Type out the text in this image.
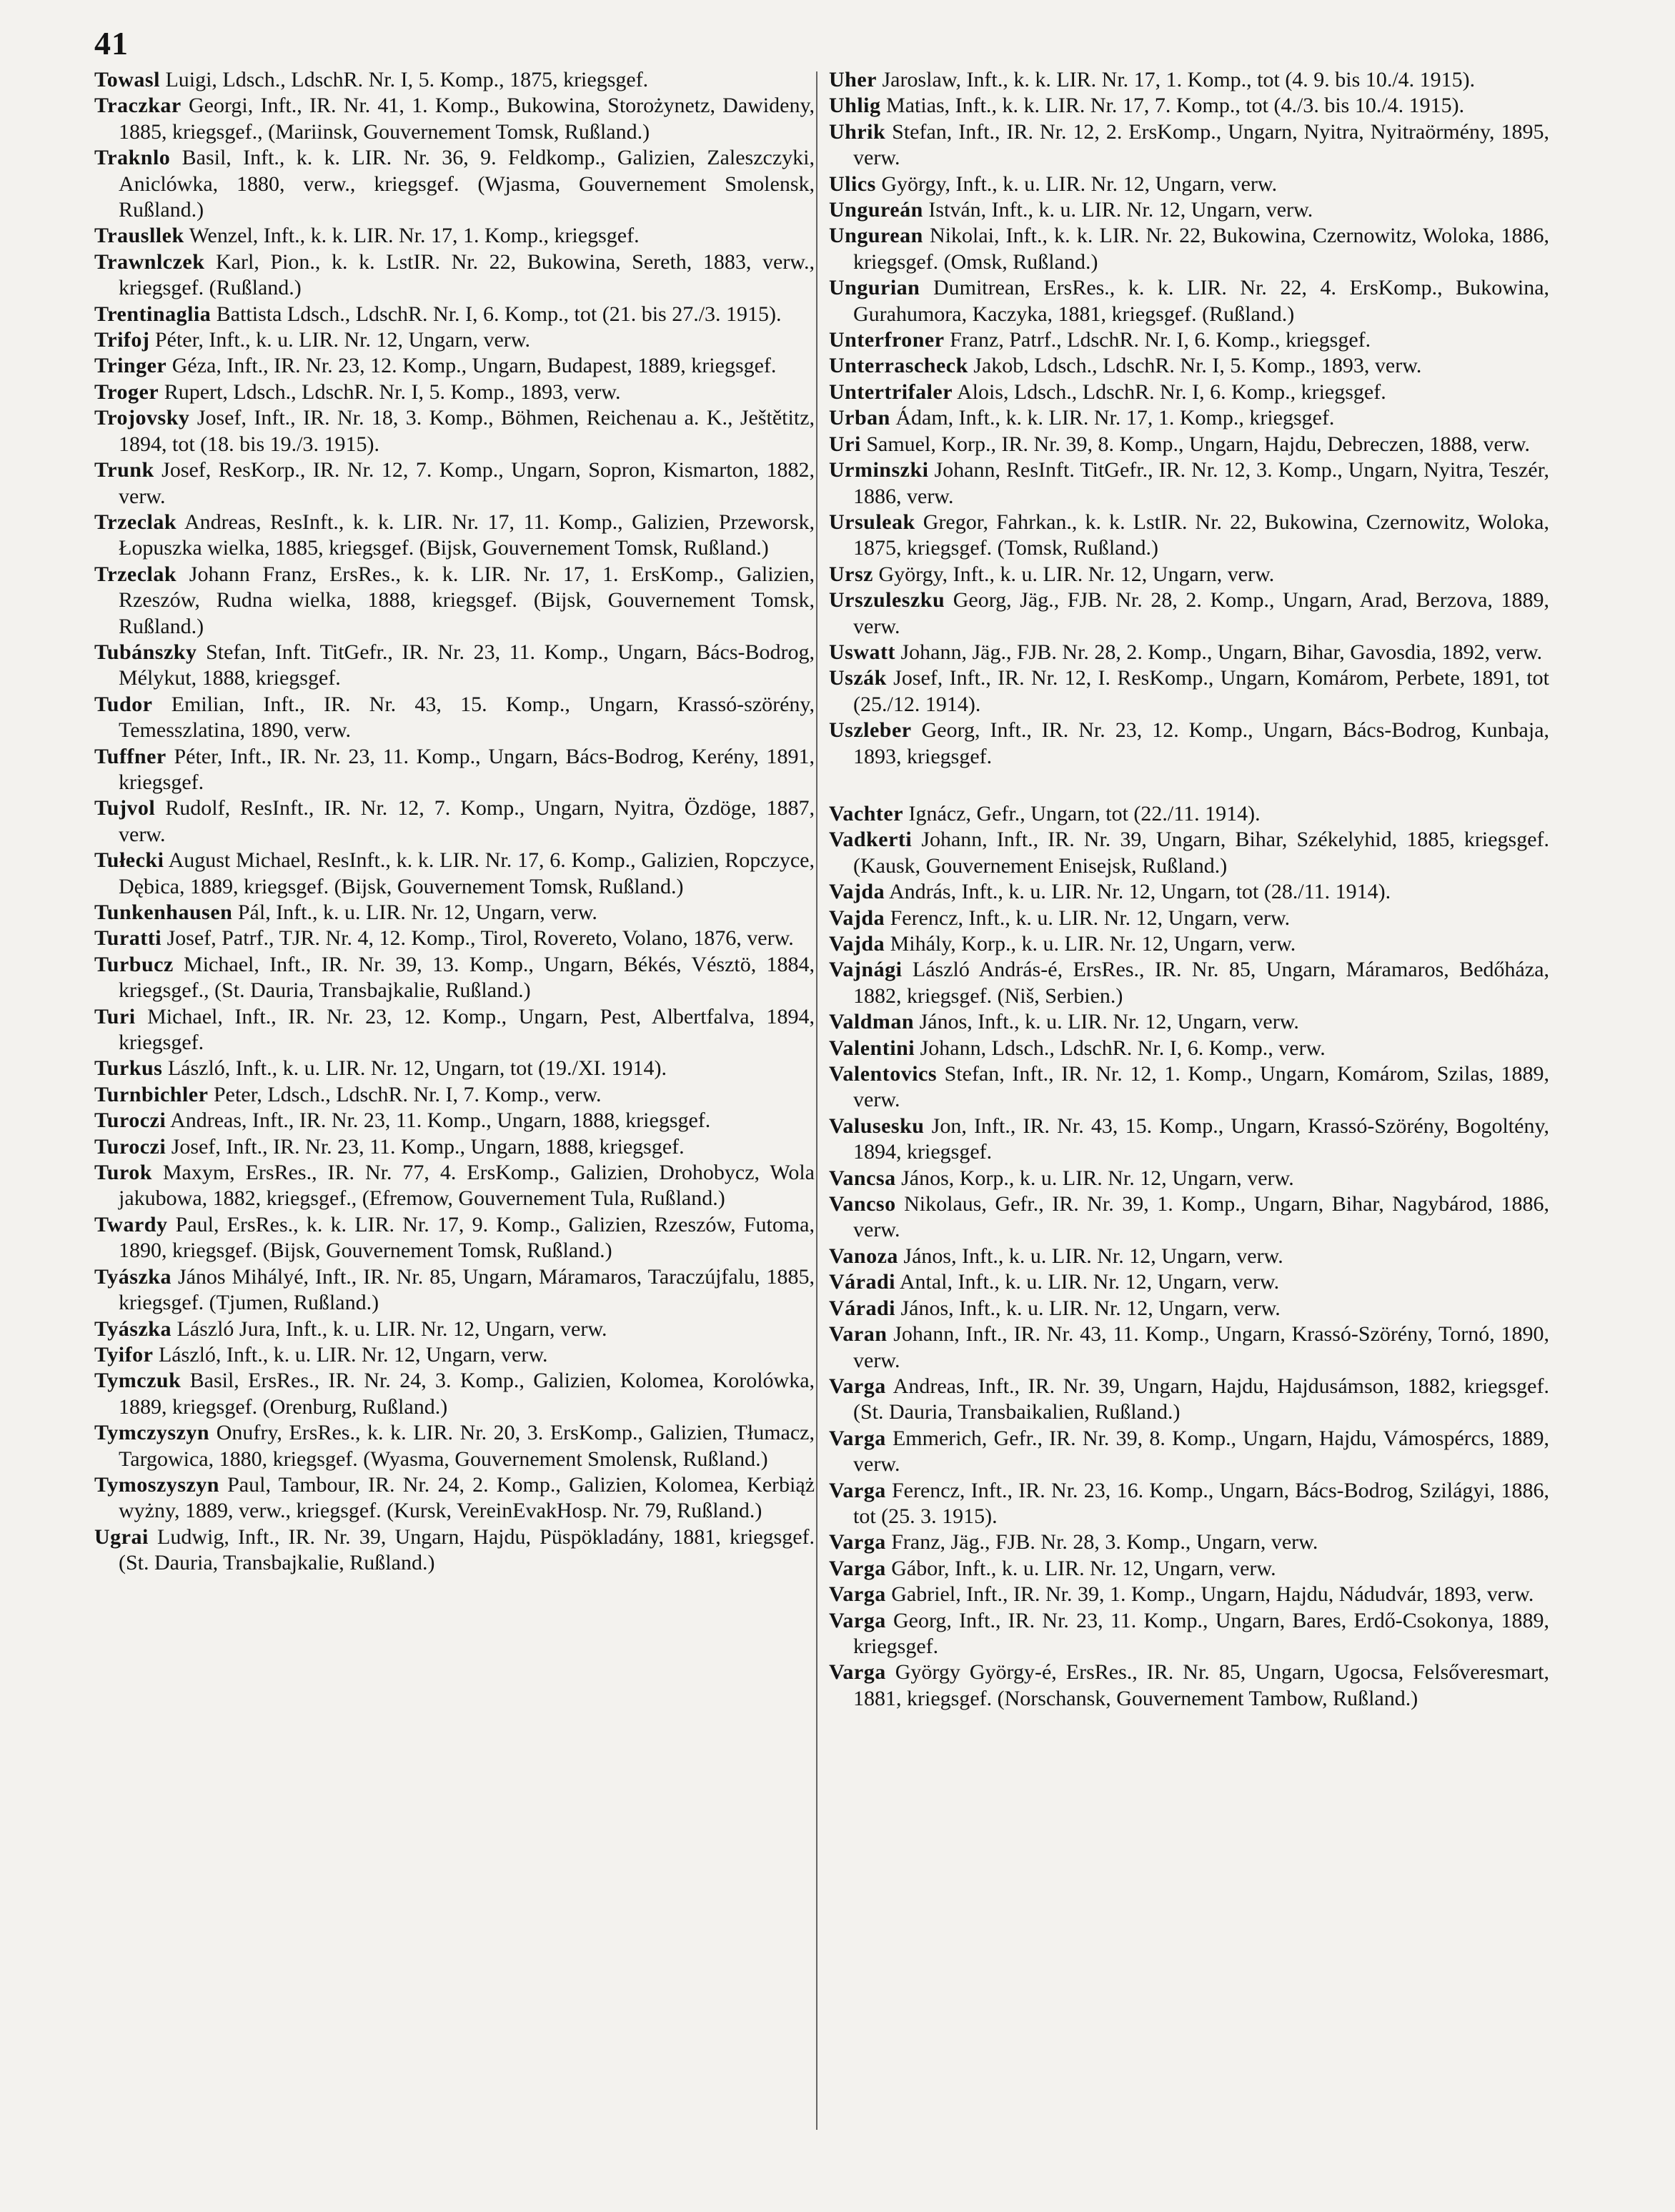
41
Towasl Luigi, Ldsch., LdschR. Nr. I, 5. Komp., 1875, kriegsgef.
Traczkar Georgi, Inft., IR. Nr. 41, 1. Komp., Bukowina, Storożynetz, Dawideny, 1885, kriegsgef., (Mariinsk, Gouvernement Tomsk, Rußland.)
Traknlo Basil, Inft., k. k. LIR. Nr. 36, 9. Feldkomp., Galizien, Zaleszczyki, Aniclówka, 1880, verw., kriegsgef. (Wjasma, Gouvernement Smolensk, Rußland.)
Trausllek Wenzel, Inft., k. k. LIR. Nr. 17, 1. Komp., kriegsgef.
Trawnlczek Karl, Pion., k. k. LstIR. Nr. 22, Bukowina, Sereth, 1883, verw., kriegsgef. (Rußland.)
Trentinaglia Battista Ldsch., LdschR. Nr. I, 6. Komp., tot (21. bis 27./3. 1915).
Trifoj Péter, Inft., k. u. LIR. Nr. 12, Ungarn, verw.
Tringer Géza, Inft., IR. Nr. 23, 12. Komp., Ungarn, Budapest, 1889, kriegsgef.
Troger Rupert, Ldsch., LdschR. Nr. I, 5. Komp., 1893, verw.
Trojovsky Josef, Inft., IR. Nr. 18, 3. Komp., Böhmen, Reichenau a. K., Ještětitz, 1894, tot (18. bis 19./3. 1915).
Trunk Josef, ResKorp., IR. Nr. 12, 7. Komp., Ungarn, Sopron, Kismarton, 1882, verw.
Trzeclak Andreas, ResInft., k. k. LIR. Nr. 17, 11. Komp., Galizien, Przeworsk, Łopuszka wielka, 1885, kriegsgef. (Bijsk, Gouvernement Tomsk, Rußland.)
Trzeclak Johann Franz, ErsRes., k. k. LIR. Nr. 17, 1. ErsKomp., Galizien, Rzeszów, Rudna wielka, 1888, kriegsgef. (Bijsk, Gouvernement Tomsk, Rußland.)
Tubánszky Stefan, Inft. TitGefr., IR. Nr. 23, 11. Komp., Ungarn, Bács-Bodrog, Mélykut, 1888, kriegsgef.
Tudor Emilian, Inft., IR. Nr. 43, 15. Komp., Ungarn, Krassó-szörény, Temesszlatina, 1890, verw.
Tuffner Péter, Inft., IR. Nr. 23, 11. Komp., Ungarn, Bács-Bodrog, Kerény, 1891, kriegsgef.
Tujvol Rudolf, ResInft., IR. Nr. 12, 7. Komp., Ungarn, Nyitra, Özdöge, 1887, verw.
Tułecki August Michael, ResInft., k. k. LIR. Nr. 17, 6. Komp., Galizien, Ropczyce, Dębica, 1889, kriegsgef. (Bijsk, Gouvernement Tomsk, Rußland.)
Tunkenhausen Pál, Inft., k. u. LIR. Nr. 12, Ungarn, verw.
Turatti Josef, Patrf., TJR. Nr. 4, 12. Komp., Tirol, Rovereto, Volano, 1876, verw.
Turbucz Michael, Inft., IR. Nr. 39, 13. Komp., Ungarn, Békés, Vésztö, 1884, kriegsgef., (St. Dauria, Transbajkalie, Rußland.)
Turi Michael, Inft., IR. Nr. 23, 12. Komp., Ungarn, Pest, Albertfalva, 1894, kriegsgef.
Turkus László, Inft., k. u. LIR. Nr. 12, Ungarn, tot (19./XI. 1914).
Turnbichler Peter, Ldsch., LdschR. Nr. I, 7. Komp., verw.
Turoczi Andreas, Inft., IR. Nr. 23, 11. Komp., Ungarn, 1888, kriegsgef.
Turoczi Josef, Inft., IR. Nr. 23, 11. Komp., Ungarn, 1888, kriegsgef.
Turok Maxym, ErsRes., IR. Nr. 77, 4. ErsKomp., Galizien, Drohobycz, Wola jakubowa, 1882, kriegsgef., (Efremow, Gouvernement Tula, Rußland.)
Twardy Paul, ErsRes., k. k. LIR. Nr. 17, 9. Komp., Galizien, Rzeszów, Futoma, 1890, kriegsgef. (Bijsk, Gouvernement Tomsk, Rußland.)
Tyászka János Mihályé, Inft., IR. Nr. 85, Ungarn, Máramaros, Taraczújfalu, 1885, kriegsgef. (Tjumen, Rußland.)
Tyászka László Jura, Inft., k. u. LIR. Nr. 12, Ungarn, verw.
Tyifor László, Inft., k. u. LIR. Nr. 12, Ungarn, verw.
Tymczuk Basil, ErsRes., IR. Nr. 24, 3. Komp., Galizien, Kolomea, Korolówka, 1889, kriegsgef. (Orenburg, Rußland.)
Tymczyszyn Onufry, ErsRes., k. k. LIR. Nr. 20, 3. ErsKomp., Galizien, Tłumacz, Targowica, 1880, kriegsgef. (Wyasma, Gouvernement Smolensk, Rußland.)
Tymoszyszyn Paul, Tambour, IR. Nr. 24, 2. Komp., Galizien, Kolomea, Kerbiąż wyżny, 1889, verw., kriegsgef. (Kursk, VereinEvakHosp. Nr. 79, Rußland.)
Ugrai Ludwig, Inft., IR. Nr. 39, Ungarn, Hajdu, Püspökladány, 1881, kriegsgef. (St. Dauria, Transbajkalie, Rußland.)
Uher Jaroslaw, Inft., k. k. LIR. Nr. 17, 1. Komp., tot (4. 9. bis 10./4. 1915).
Uhlig Matias, Inft., k. k. LIR. Nr. 17, 7. Komp., tot (4./3. bis 10./4. 1915).
Uhrik Stefan, Inft., IR. Nr. 12, 2. ErsKomp., Ungarn, Nyitra, Nyitraörmény, 1895, verw.
Ulics György, Inft., k. u. LIR. Nr. 12, Ungarn, verw.
Ungureán István, Inft., k. u. LIR. Nr. 12, Ungarn, verw.
Ungurean Nikolai, Inft., k. k. LIR. Nr. 22, Bukowina, Czernowitz, Woloka, 1886, kriegsgef. (Omsk, Rußland.)
Ungurian Dumitrean, ErsRes., k. k. LIR. Nr. 22, 4. ErsKomp., Bukowina, Gurahumora, Kaczyka, 1881, kriegsgef. (Rußland.)
Unterfroner Franz, Patrf., LdschR. Nr. I, 6. Komp., kriegsgef.
Unterrascheck Jakob, Ldsch., LdschR. Nr. I, 5. Komp., 1893, verw.
Untertrifaler Alois, Ldsch., LdschR. Nr. I, 6. Komp., kriegsgef.
Urban Ádam, Inft., k. k. LIR. Nr. 17, 1. Komp., kriegsgef.
Uri Samuel, Korp., IR. Nr. 39, 8. Komp., Ungarn, Hajdu, Debreczen, 1888, verw.
Urminszki Johann, ResInft. TitGefr., IR. Nr. 12, 3. Komp., Ungarn, Nyitra, Teszér, 1886, verw.
Ursuleak Gregor, Fahrkan., k. k. LstIR. Nr. 22, Bukowina, Czernowitz, Woloka, 1875, kriegsgef. (Tomsk, Rußland.)
Ursz György, Inft., k. u. LIR. Nr. 12, Ungarn, verw.
Urszuleszku Georg, Jäg., FJB. Nr. 28, 2. Komp., Ungarn, Arad, Berzova, 1889, verw.
Uswatt Johann, Jäg., FJB. Nr. 28, 2. Komp., Ungarn, Bihar, Gavosdia, 1892, verw.
Uszák Josef, Inft., IR. Nr. 12, I. ResKomp., Ungarn, Komárom, Perbete, 1891, tot (25./12. 1914).
Uszleber Georg, Inft., IR. Nr. 23, 12. Komp., Ungarn, Bács-Bodrog, Kunbaja, 1893, kriegsgef.
Vachter Ignácz, Gefr., Ungarn, tot (22./11. 1914).
Vadkerti Johann, Inft., IR. Nr. 39, Ungarn, Bihar, Székelyhid, 1885, kriegsgef. (Kausk, Gouvernement Enisejsk, Rußland.)
Vajda András, Inft., k. u. LIR. Nr. 12, Ungarn, tot (28./11. 1914).
Vajda Ferencz, Inft., k. u. LIR. Nr. 12, Ungarn, verw.
Vajda Mihály, Korp., k. u. LIR. Nr. 12, Ungarn, verw.
Vajnági László András-é, ErsRes., IR. Nr. 85, Ungarn, Máramaros, Bedőháza, 1882, kriegsgef. (Niš, Serbien.)
Valdman János, Inft., k. u. LIR. Nr. 12, Ungarn, verw.
Valentini Johann, Ldsch., LdschR. Nr. I, 6. Komp., verw.
Valentovics Stefan, Inft., IR. Nr. 12, 1. Komp., Ungarn, Komárom, Szilas, 1889, verw.
Valusesku Jon, Inft., IR. Nr. 43, 15. Komp., Ungarn, Krassó-Szörény, Bogoltény, 1894, kriegsgef.
Vancsa János, Korp., k. u. LIR. Nr. 12, Ungarn, verw.
Vancso Nikolaus, Gefr., IR. Nr. 39, 1. Komp., Ungarn, Bihar, Nagybárod, 1886, verw.
Vanoza János, Inft., k. u. LIR. Nr. 12, Ungarn, verw.
Váradi Antal, Inft., k. u. LIR. Nr. 12, Ungarn, verw.
Váradi János, Inft., k. u. LIR. Nr. 12, Ungarn, verw.
Varan Johann, Inft., IR. Nr. 43, 11. Komp., Ungarn, Krassó-Szörény, Tornó, 1890, verw.
Varga Andreas, Inft., IR. Nr. 39, Ungarn, Hajdu, Hajdusámson, 1882, kriegsgef. (St. Dauria, Transbaikalien, Rußland.)
Varga Emmerich, Gefr., IR. Nr. 39, 8. Komp., Ungarn, Hajdu, Vámospércs, 1889, verw.
Varga Ferencz, Inft., IR. Nr. 23, 16. Komp., Ungarn, Bács-Bodrog, Szilágyi, 1886, tot (25. 3. 1915).
Varga Franz, Jäg., FJB. Nr. 28, 3. Komp., Ungarn, verw.
Varga Gábor, Inft., k. u. LIR. Nr. 12, Ungarn, verw.
Varga Gabriel, Inft., IR. Nr. 39, 1. Komp., Ungarn, Hajdu, Nádudvár, 1893, verw.
Varga Georg, Inft., IR. Nr. 23, 11. Komp., Ungarn, Bares, Erdő-Csokonya, 1889, kriegsgef.
Varga György György-é, ErsRes., IR. Nr. 85, Ungarn, Ugocsa, Felsőveresmart, 1881, kriegsgef. (Norschansk, Gouvernement Tambow, Rußland.)
